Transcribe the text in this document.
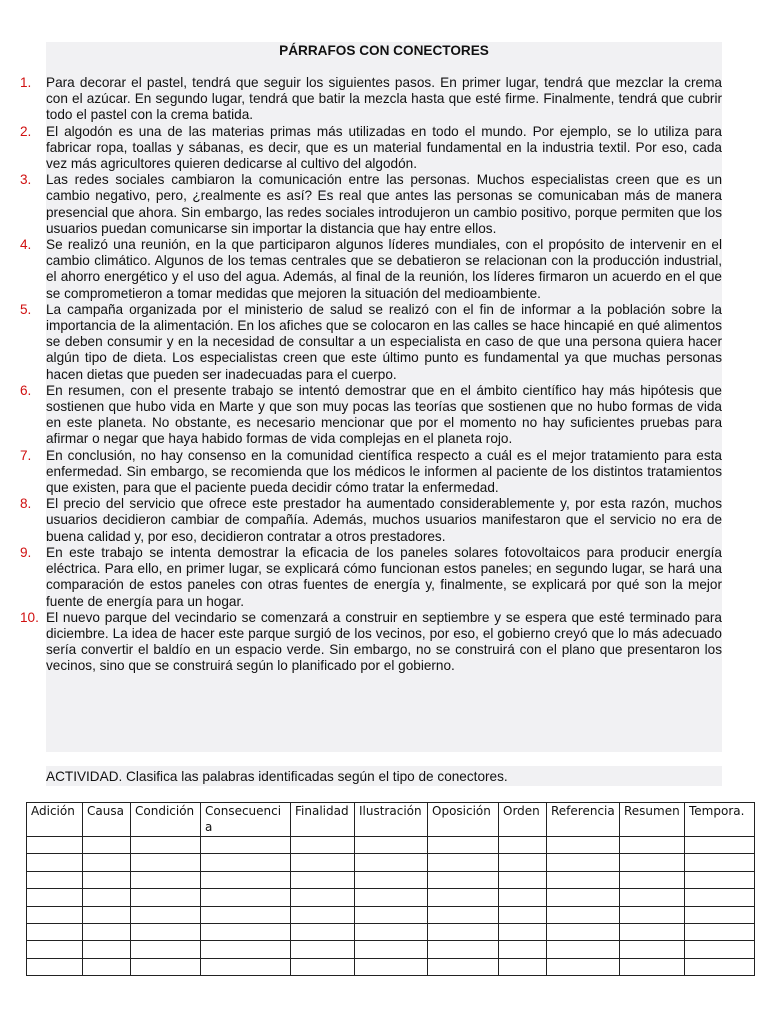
PÁRRAFOS CON CONECTORES
1. Para decorar el pastel, tendrá que seguir los siguientes pasos. En primer lugar, tendrá que mezclar la crema con el azúcar. En segundo lugar, tendrá que batir la mezcla hasta que esté firme. Finalmente, tendrá que cubrir todo el pastel con la crema batida.
2. El algodón es una de las materias primas más utilizadas en todo el mundo. Por ejemplo, se lo utiliza para fabricar ropa, toallas y sábanas, es decir, que es un material fundamental en la industria textil. Por eso, cada vez más agricultores quieren dedicarse al cultivo del algodón.
3. Las redes sociales cambiaron la comunicación entre las personas. Muchos especialistas creen que es un cambio negativo, pero, ¿realmente es así? Es real que antes las personas se comunicaban más de manera presencial que ahora. Sin embargo, las redes sociales introdujeron un cambio positivo, porque permiten que los usuarios puedan comunicarse sin importar la distancia que hay entre ellos.
4. Se realizó una reunión, en la que participaron algunos líderes mundiales, con el propósito de intervenir en el cambio climático. Algunos de los temas centrales que se debatieron se relacionan con la producción industrial, el ahorro energético y el uso del agua. Además, al final de la reunión, los líderes firmaron un acuerdo en el que se comprometieron a tomar medidas que mejoren la situación del medioambiente.
5. La campaña organizada por el ministerio de salud se realizó con el fin de informar a la población sobre la importancia de la alimentación. En los afiches que se colocaron en las calles se hace hincapié en qué alimentos se deben consumir y en la necesidad de consultar a un especialista en caso de que una persona quiera hacer algún tipo de dieta. Los especialistas creen que este último punto es fundamental ya que muchas personas hacen dietas que pueden ser inadecuadas para el cuerpo.
6. En resumen, con el presente trabajo se intentó demostrar que en el ámbito científico hay más hipótesis que sostienen que hubo vida en Marte y que son muy pocas las teorías que sostienen que no hubo formas de vida en este planeta. No obstante, es necesario mencionar que por el momento no hay suficientes pruebas para afirmar o negar que haya habido formas de vida complejas en el planeta rojo.
7. En conclusión, no hay consenso en la comunidad científica respecto a cuál es el mejor tratamiento para esta enfermedad. Sin embargo, se recomienda que los médicos le informen al paciente de los distintos tratamientos que existen, para que el paciente pueda decidir cómo tratar la enfermedad.
8. El precio del servicio que ofrece este prestador ha aumentado considerablemente y, por esta razón, muchos usuarios decidieron cambiar de compañía. Además, muchos usuarios manifestaron que el servicio no era de buena calidad y, por eso, decidieron contratar a otros prestadores.
9. En este trabajo se intenta demostrar la eficacia de los paneles solares fotovoltaicos para producir energía eléctrica. Para ello, en primer lugar, se explicará cómo funcionan estos paneles; en segundo lugar, se hará una comparación de estos paneles con otras fuentes de energía y, finalmente, se explicará por qué son la mejor fuente de energía para un hogar.
10. El nuevo parque del vecindario se comenzará a construir en septiembre y se espera que esté terminado para diciembre. La idea de hacer este parque surgió de los vecinos, por eso, el gobierno creyó que lo más adecuado sería convertir el baldío en un espacio verde. Sin embargo, no se construirá con el plano que presentaron los vecinos, sino que se construirá según lo planificado por el gobierno.
ACTIVIDAD. Clasifica las palabras identificadas según el tipo de conectores.
Adición	Causa	Condición	Consecuencia	Finalidad	Ilustración	Oposición	Orden	Referencia	Resumen	Tempora.
